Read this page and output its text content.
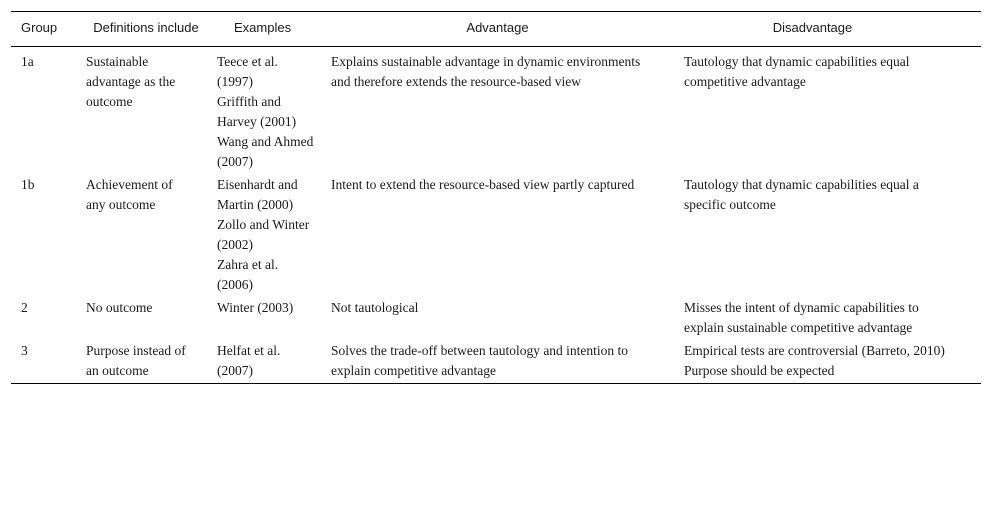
Group	Definitions include	Examples	Advantage	Disadvantage
1a	Sustainable advantage as the outcome	Teece et al. (1997)
Griffith and Harvey (2001)
Wang and Ahmed (2007)	Explains sustainable advantage in dynamic environments and therefore extends the resource-based view	Tautology that dynamic capabilities equal competitive advantage
1b	Achievement of any outcome	Eisenhardt and Martin (2000)
Zollo and Winter (2002)
Zahra et al. (2006)	Intent to extend the resource-based view partly captured	Tautology that dynamic capabilities equal a specific outcome
2	No outcome	Winter (2003)	Not tautological	Misses the intent of dynamic capabilities to explain sustainable competitive advantage
3	Purpose instead of an outcome	Helfat et al. (2007)	Solves the trade-off between tautology and intention to explain competitive advantage	Empirical tests are controversial (Barreto, 2010) Purpose should be expected
